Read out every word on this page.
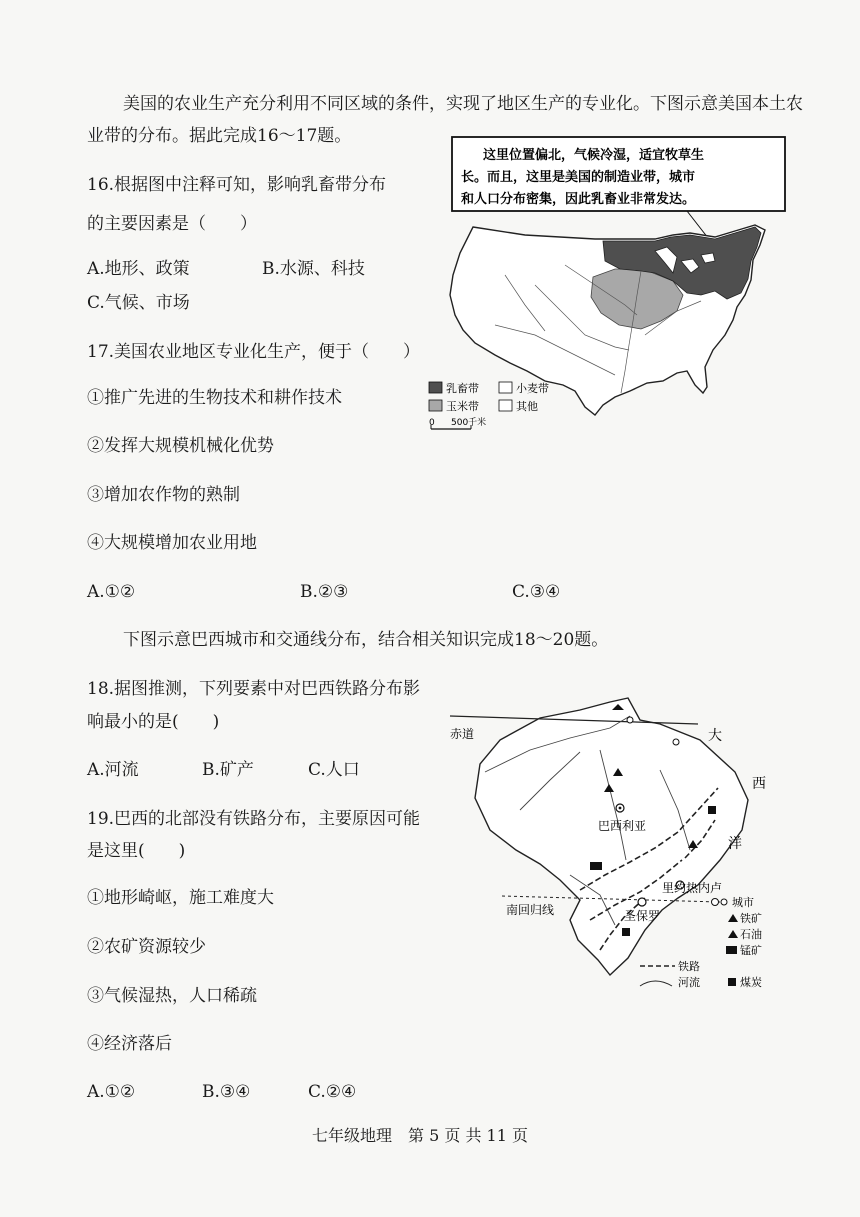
美国的农业生产充分利用不同区域的条件，实现了地区生产的专业化。下图示意美国本土农
业带的分布。据此完成16～17题。
16.根据图中注释可知，影响乳畜带分布
的主要因素是（　　）
A.地形、政策	B.水源、科技
C.气候、市场
17.美国农业地区专业化生产，便于（　　）
①推广先进的生物技术和耕作技术
②发挥大规模机械化优势
③增加农作物的熟制
④大规模增加农业用地
A.①②	B.②③	C.③④
这里位置偏北，气候冷湿，适宜牧草生
长。而且，这里是美国的制造业带，城市
和人口分布密集，因此乳畜业非常发达。
乳畜带	小麦带
玉米带	其他
0 500千米
下图示意巴西城市和交通线分布，结合相关知识完成18～20题。
18.据图推测，下列要素中对巴西铁路分布影
响最小的是(　　)
A.河流	B.矿产	C.人口
19.巴西的北部没有铁路分布，主要原因可能
是这里(　　)
①地形崎岖，施工难度大
②农矿资源较少
③气候湿热，人口稀疏
④经济落后
A.①②	B.③④	C.②④
赤道
南回归线
巴西利亚
里约热内卢
圣保罗
大
西
洋
城市
铁矿
石油
锰矿
铁路
河流	煤炭
七年级地理　第 5 页 共 11 页
